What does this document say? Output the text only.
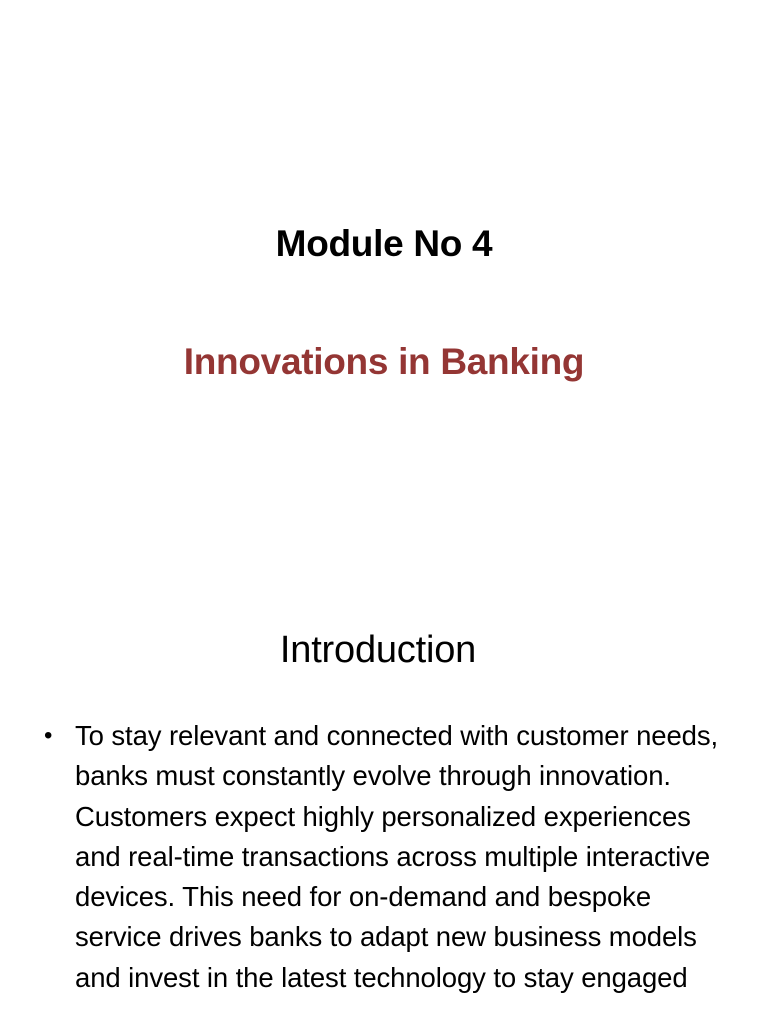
Module No 4
Innovations in Banking
Introduction
• To stay relevant and connected with customer needs, banks must constantly evolve through innovation. Customers expect highly personalized experiences and real-time transactions across multiple interactive devices. This need for on-demand and bespoke service drives banks to adapt new business models and invest in the latest technology to stay engaged
